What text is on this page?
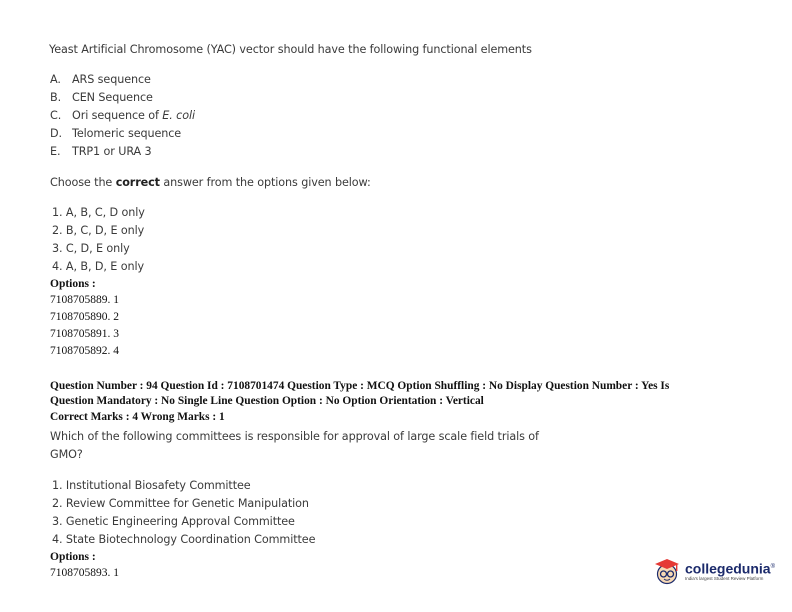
Yeast Artificial Chromosome (YAC) vector should have the following functional elements
A. ARS sequence
B. CEN Sequence
C. Ori sequence of E. coli
D. Telomeric sequence
E. TRP1 or URA 3
Choose the correct answer from the options given below:
1. A, B, C, D only
2. B, C, D, E only
3. C, D, E only
4. A, B, D, E only
Options :
7108705889. 1
7108705890. 2
7108705891. 3
7108705892. 4
Question Number : 94 Question Id : 7108701474 Question Type : MCQ Option Shuffling : No Display Question Number : Yes Is
Question Mandatory : No Single Line Question Option : No Option Orientation : Vertical
Correct Marks : 4 Wrong Marks : 1
Which of the following committees is responsible for approval of large scale field trials of
GMO?
1. Institutional Biosafety Committee
2. Review Committee for Genetic Manipulation
3. Genetic Engineering Approval Committee
4. State Biotechnology Coordination Committee
Options :
7108705893. 1	collegedunia®
India's largest Student Review Platform
